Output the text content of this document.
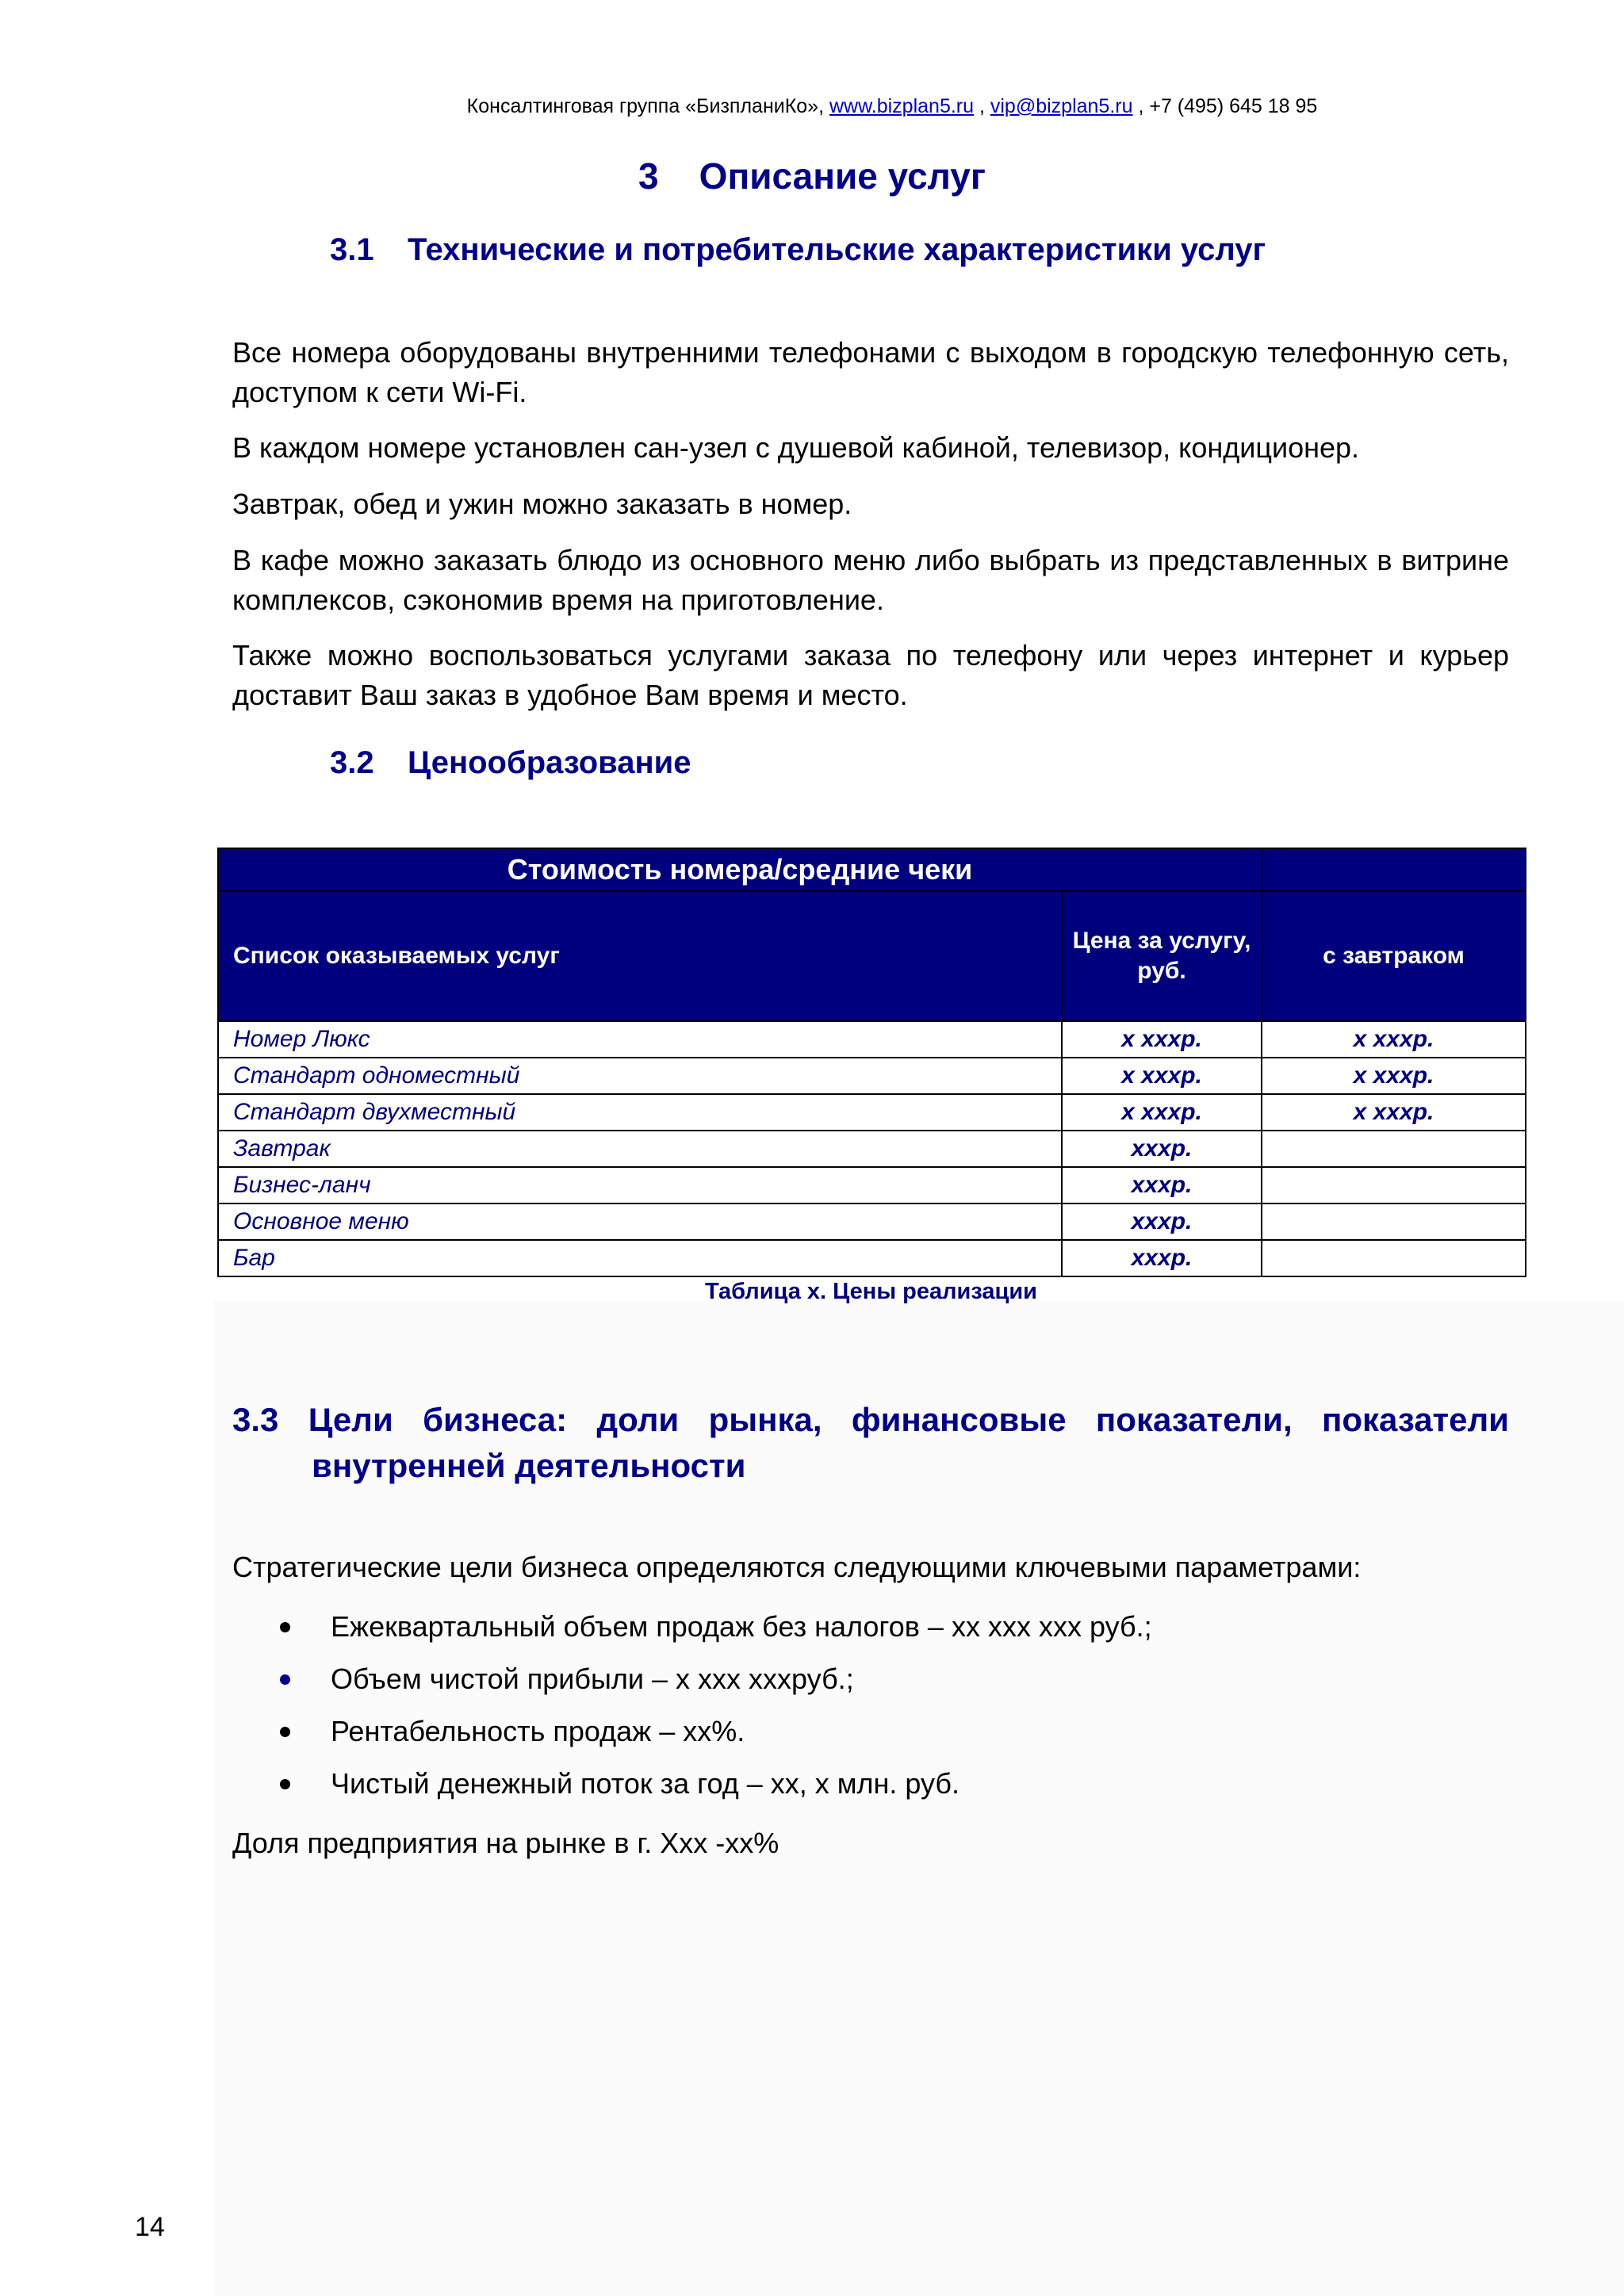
Консалтинговая группа «БизпланиКо», www.bizplan5.ru , vip@bizplan5.ru , +7 (495) 645 18 95
3    Описание услуг
3.1 Технические и потребительские характеристики услуг

Все номера оборудованы внутренними телефонами с выходом в городскую телефонную сеть, доступом к сети Wi-Fi.

В каждом номере установлен сан-узел с душевой кабиной, телевизор, кондиционер.

Завтрак, обед и ужин можно заказать в номер.

В кафе можно заказать блюдо из основного меню либо выбрать из представленных в витрине комплексов, сэкономив время на приготовление.

Также можно воспользоваться услугами заказа по телефону или через интернет и курьер доставит Ваш заказ в удобное Вам время и место.

3.2 Ценообразование
Стоимость номера/средние чеки		
Список оказываемых услуг	Цена за услугу, руб.	с завтраком
Номер Люкс	х хххр.	х хххр.
Стандарт одноместный	х хххр.	х хххр.
Стандарт двухместный	х хххр.	х хххр.
Завтрак	хххр.	
Бизнес-ланч	хххр.	
Основное меню	хххр.	
Бар	хххр.	
Таблица х. Цены реализации
3.3 Цели бизнеса: доли рынка, финансовые показатели, показатели
внутренней деятельности

Стратегические цели бизнеса определяются следующими ключевыми параметрами:

Ежеквартальный объем продаж без налогов – хх ххх ххх руб.;
Объем чистой прибыли – х ххх хххруб.;
Рентабельность продаж – хх%.
Чистый денежный поток за год – хх, х млн. руб.

Доля предприятия на рынке в г. Ххх -хх%

14
